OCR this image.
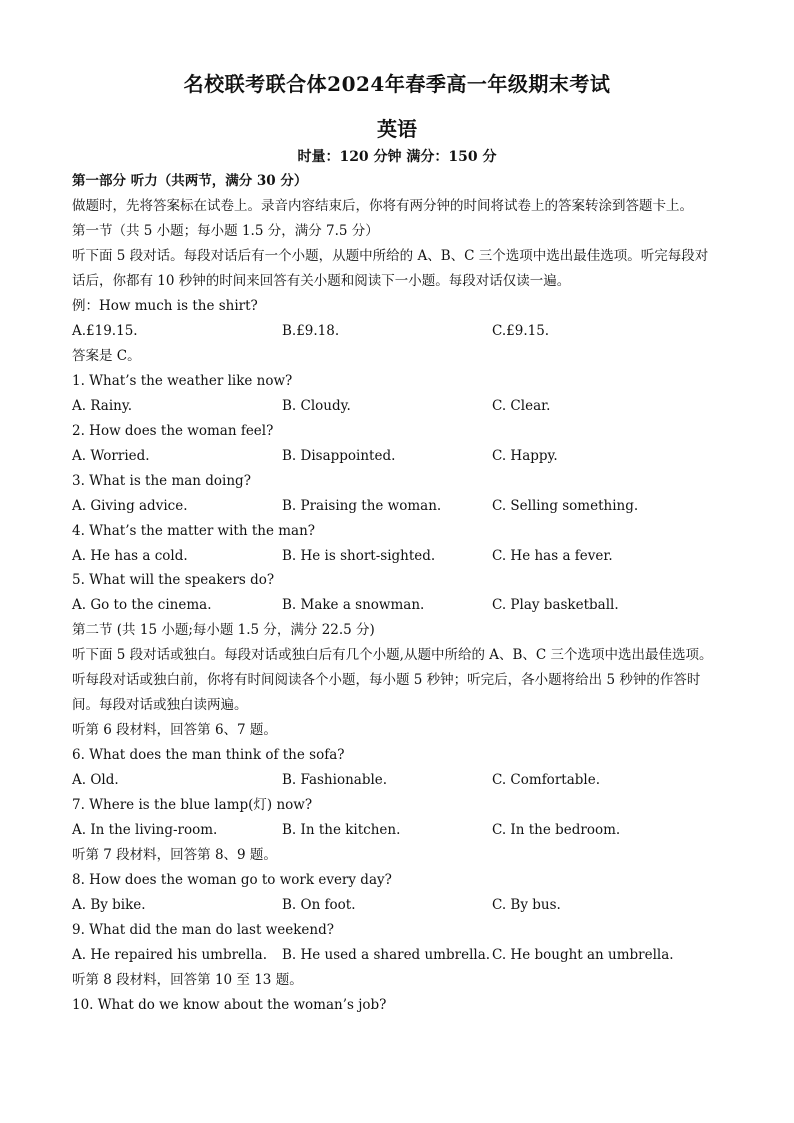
名校联考联合体2024年春季高一年级期末考试
英语
时量：120 分钟 满分：150 分
第一部分 听力（共两节，满分 30 分）
做题时，先将答案标在试卷上。录音内容结束后，你将有两分钟的时间将试卷上的答案转涂到答题卡上。
第一节（共 5 小题；每小题 1.5 分，满分 7.5 分）
听下面 5 段对话。每段对话后有一个小题，从题中所给的 A、B、C 三个选项中选出最佳选项。听完每段对
话后，你都有 10 秒钟的时间来回答有关小题和阅读下一小题。每段对话仅读一遍。
例：How much is the shirt?
A.£19.15.	B.£9.18.	C.£9.15.
答案是 C。
1. What’s the weather like now?
A. Rainy.	B. Cloudy.	C. Clear.
2. How does the woman feel?
A. Worried.	B. Disappointed.	C. Happy.
3. What is the man doing?
A. Giving advice.	B. Praising the woman.	C. Selling something.
4. What’s the matter with the man?
A. He has a cold.	B. He is short-sighted.	C. He has a fever.
5. What will the speakers do?
A. Go to the cinema.	B. Make a snowman.	C. Play basketball.
第二节 (共 15 小题;每小题 1.5 分，满分 22.5 分)
听下面 5 段对话或独白。每段对话或独白后有几个小题,从题中所给的 A、B、C 三个选项中选出最佳选项。
听每段对话或独白前，你将有时间阅读各个小题，每小题 5 秒钟；听完后，各小题将给出 5 秒钟的作答时
间。每段对话或独白读两遍。
听第 6 段材料，回答第 6、7 题。
6. What does the man think of the sofa?
A. Old.	B. Fashionable.	C. Comfortable.
7. Where is the blue lamp(灯) now?
A. In the living-room.	B. In the kitchen.	C. In the bedroom.
听第 7 段材料，回答第 8、9 题。
8. How does the woman go to work every day?
A. By bike.	B. On foot.	C. By bus.
9. What did the man do last weekend?
A. He repaired his umbrella. B. He used a shared umbrella. C. He bought an umbrella.
听第 8 段材料，回答第 10 至 13 题。
10. What do we know about the woman’s job?
